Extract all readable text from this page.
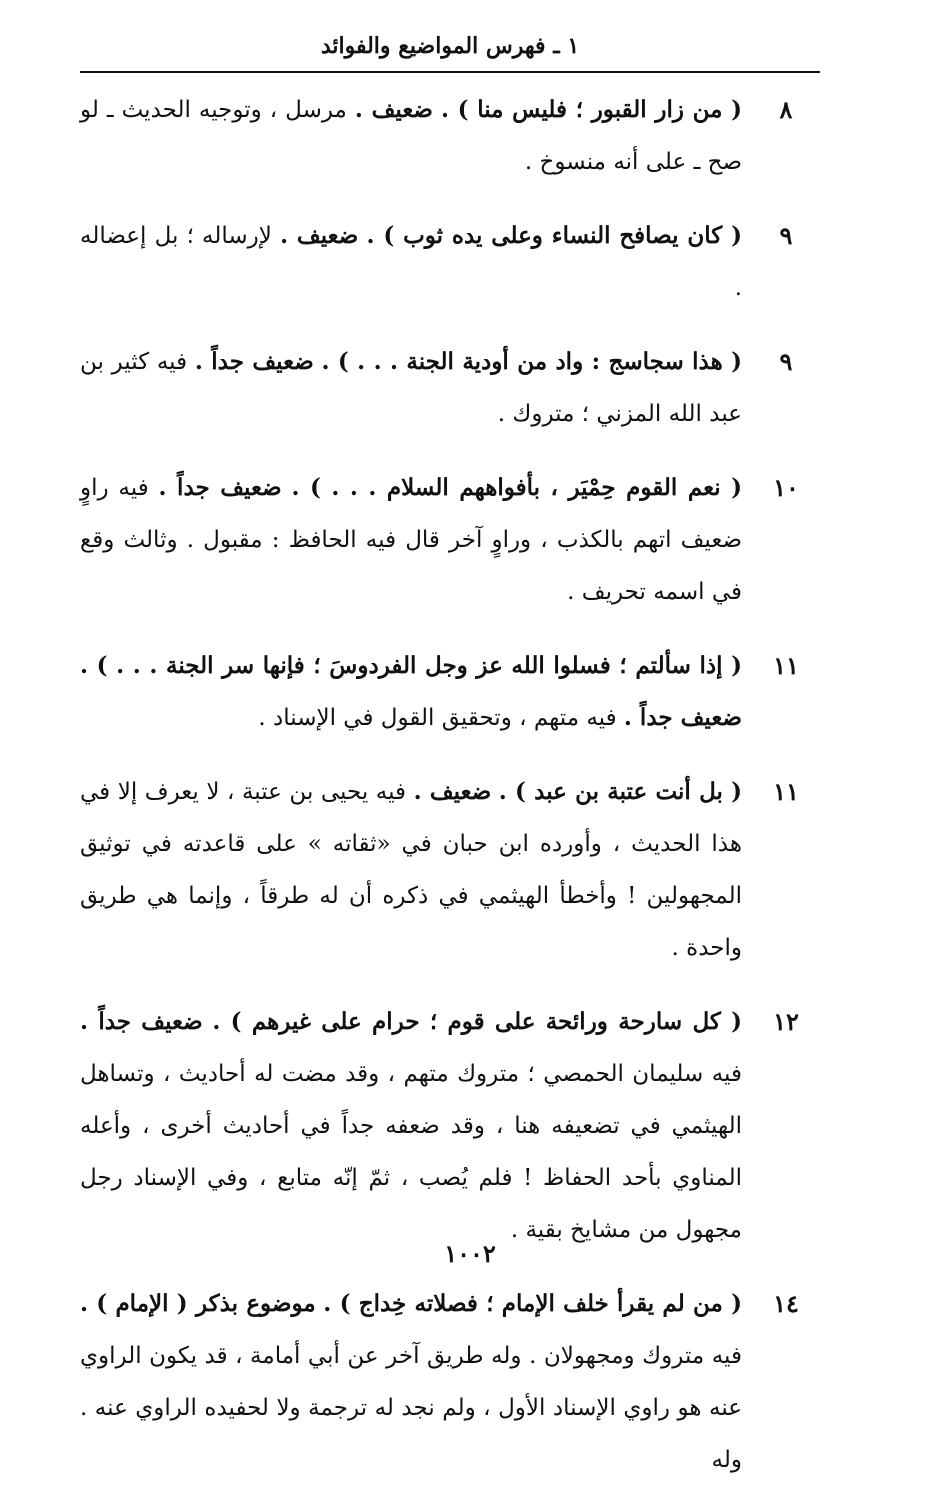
١ ـ فهرس المواضيع والفوائد
٨
( من زار القبور ؛ فليس منا ) . ضعيف . مرسل ، وتوجيه الحديث ـ لو صح ـ على أنه منسوخ .
٩
( كان يصافح النساء وعلى يده ثوب ) . ضعيف . لإرساله ؛ بل إعضاله .
٩
( هذا سجاسج : واد من أودية الجنة . . . ) . ضعيف جداً . فيه كثير بن عبد الله المزني ؛ متروك .
١٠
( نعم القوم حِمْيَر ، بأفواههم السلام . . . ) . ضعيف جداً . فيه راوٍ ضعيف اتهم بالكذب ، وراوٍ آخر قال فيه الحافظ : مقبول . وثالث وقع في اسمه تحريف .
١١
( إذا سألتم ؛ فسلوا الله عز وجل الفردوسَ ؛ فإنها سر الجنة . . . ) . ضعيف جداً . فيه متهم ، وتحقيق القول في الإسناد .
١١
( بل أنت عتبة بن عبد ) . ضعيف . فيه يحيى بن عتبة ، لا يعرف إلا في هذا الحديث ، وأورده ابن حبان في «ثقاته » على قاعدته في توثيق المجهولين ! وأخطأ الهيثمي في ذكره أن له طرقاً ، وإنما هي طريق واحدة .
١٢
( كل سارحة ورائحة على قوم ؛ حرام على غيرهم ) . ضعيف جداً . فيه سليمان الحمصي ؛ متروك متهم ، وقد مضت له أحاديث ، وتساهل الهيثمي في تضعيفه هنا ، وقد ضعفه جداً في أحاديث أخرى ، وأعله المناوي بأحد الحفاظ ! فلم يُصب ، ثمّ إنّه متابع ، وفي الإسناد رجل مجهول من مشايخ بقية .
١٤
( من لم يقرأ خلف الإمام ؛ فصلاته خِداج ) . موضوع بذكر ( الإمام ) . فيه متروك ومجهولان . وله طريق آخر عن أبي أمامة ، قد يكون الراوي عنه هو راوي الإسناد الأول ، ولم نجد له ترجمة ولا لحفيده الراوي عنه . وله
١٠٠٢
